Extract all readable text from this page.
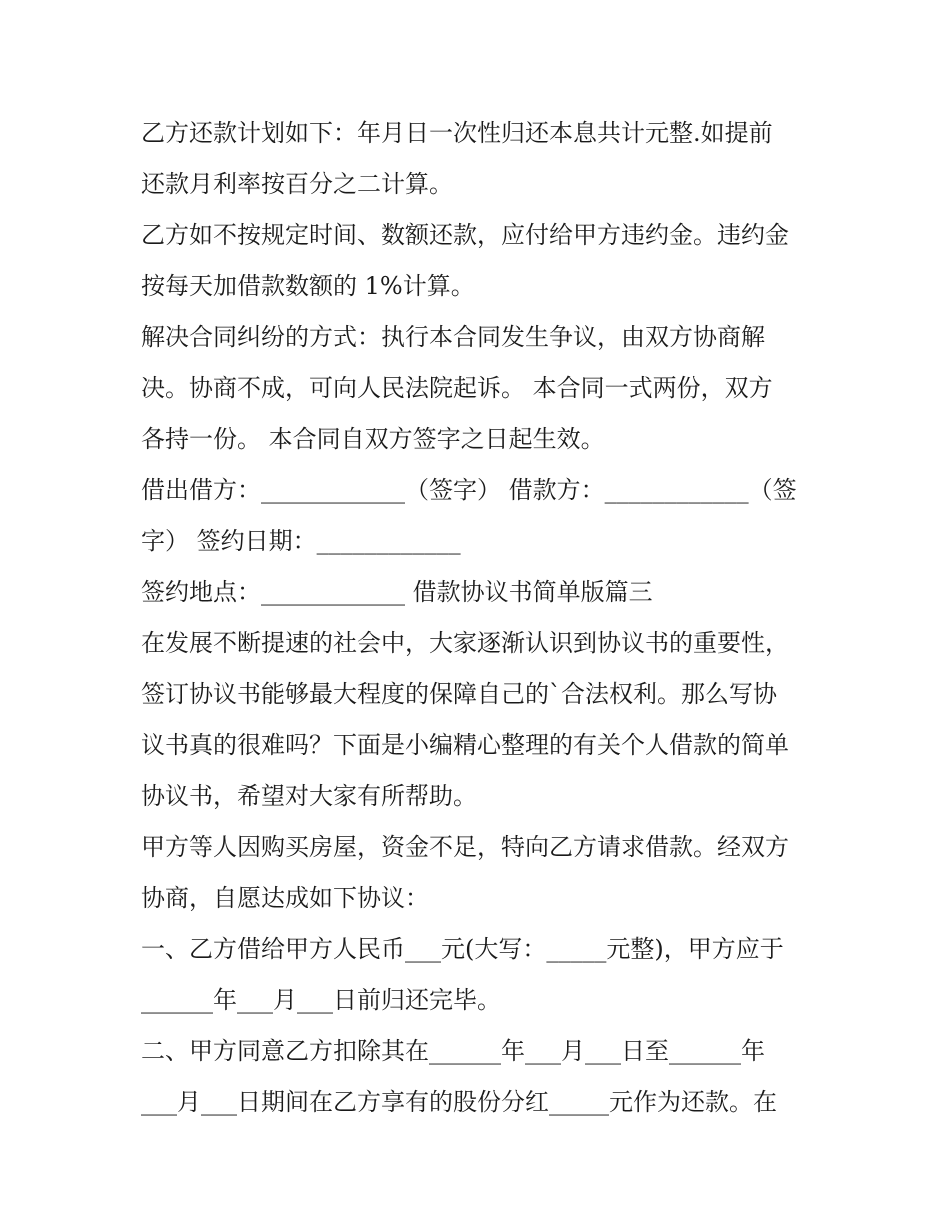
乙方还款计划如下：年月日一次性归还本息共计元整.如提前
还款月利率按百分之二计算。
乙方如不按规定时间、数额还款，应付给甲方违约金。违约金
按每天加借款数额的 1%计算。
解决合同纠纷的方式：执行本合同发生争议，由双方协商解
决。协商不成，可向人民法院起诉。 本合同一式两份，双方
各持一份。 本合同自双方签字之日起生效。
借出借方：____________（签字） 借款方：____________（签
字） 签约日期：____________
签约地点：____________ 借款协议书简单版篇三
在发展不断提速的社会中，大家逐渐认识到协议书的重要性，
签订协议书能够最大程度的保障自己的`合法权利。那么写协
议书真的很难吗？下面是小编精心整理的有关个人借款的简单
协议书，希望对大家有所帮助。
甲方等人因购买房屋，资金不足，特向乙方请求借款。经双方
协商，自愿达成如下协议：
一、乙方借给甲方人民币___元(大写：_____元整)，甲方应于
______年___月___日前归还完毕。
二、甲方同意乙方扣除其在______年___月___日至______年
___月___日期间在乙方享有的股份分红_____元作为还款。在
